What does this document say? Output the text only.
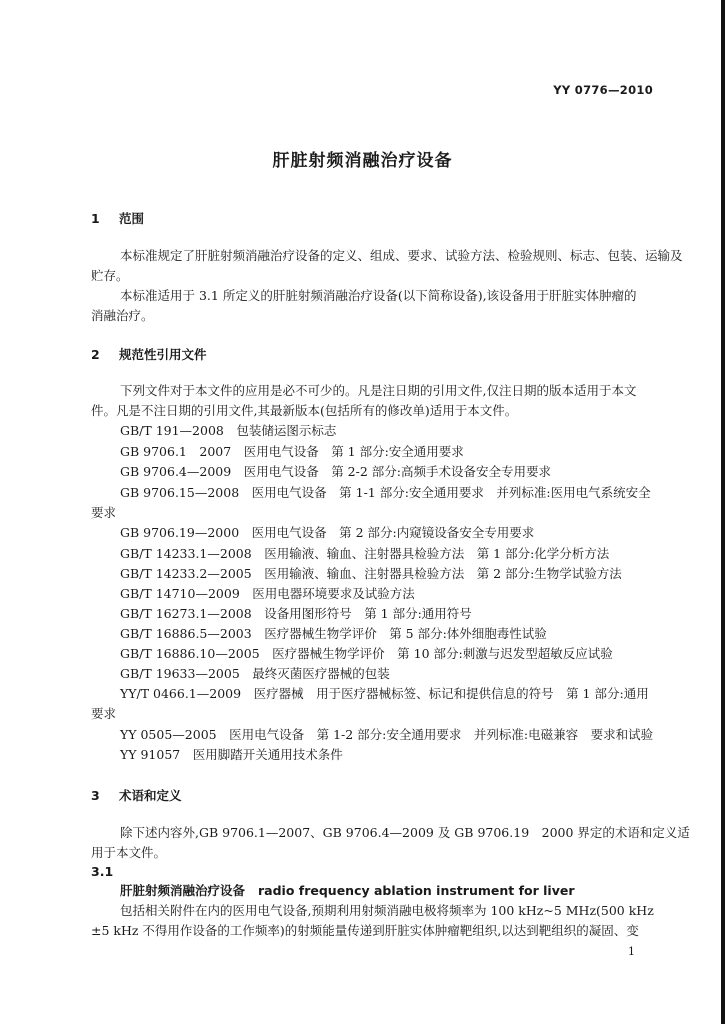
YY 0776—2010
肝脏射频消融治疗设备
1 范围
本标准规定了肝脏射频消融治疗设备的定义、组成、要求、试验方法、检验规则、标志、包装、运输及
贮存。
本标准适用于 3.1 所定义的肝脏射频消融治疗设备(以下简称设备),该设备用于肝脏实体肿瘤的
消融治疗。
2 规范性引用文件
下列文件对于本文件的应用是必不可少的。凡是注日期的引用文件,仅注日期的版本适用于本文
件。凡是不注日期的引用文件,其最新版本(包括所有的修改单)适用于本文件。
GB/T 191—2008　包装储运图示标志
GB 9706.1　2007　医用电气设备　第 1 部分:安全通用要求
GB 9706.4—2009　医用电气设备　第 2-2 部分:高频手术设备安全专用要求
GB 9706.15—2008　医用电气设备　第 1-1 部分:安全通用要求　并列标准:医用电气系统安全
要求
GB 9706.19—2000　医用电气设备　第 2 部分:内窥镜设备安全专用要求
GB/T 14233.1—2008　医用输液、输血、注射器具检验方法　第 1 部分:化学分析方法
GB/T 14233.2—2005　医用输液、输血、注射器具检验方法　第 2 部分:生物学试验方法
GB/T 14710—2009　医用电器环境要求及试验方法
GB/T 16273.1—2008　设备用图形符号　第 1 部分:通用符号
GB/T 16886.5—2003　医疗器械生物学评价　第 5 部分:体外细胞毒性试验
GB/T 16886.10—2005　医疗器械生物学评价　第 10 部分:刺激与迟发型超敏反应试验
GB/T 19633—2005　最终灭菌医疗器械的包装
YY/T 0466.1—2009　医疗器械　用于医疗器械标签、标记和提供信息的符号　第 1 部分:通用
要求
YY 0505—2005　医用电气设备　第 1-2 部分:安全通用要求　并列标准:电磁兼容　要求和试验
YY 91057　医用脚踏开关通用技术条件
3 术语和定义
除下述内容外,GB 9706.1—2007、GB 9706.4—2009 及 GB 9706.19　2000 界定的术语和定义适
用于本文件。
3.1
肝脏射频消融治疗设备 radio frequency ablation instrument for liver
包括相关附件在内的医用电气设备,预期利用射频消融电极将频率为 100 kHz~5 MHz(500 kHz
±5 kHz 不得用作设备的工作频率)的射频能量传递到肝脏实体肿瘤靶组织,以达到靶组织的凝固、变
1
